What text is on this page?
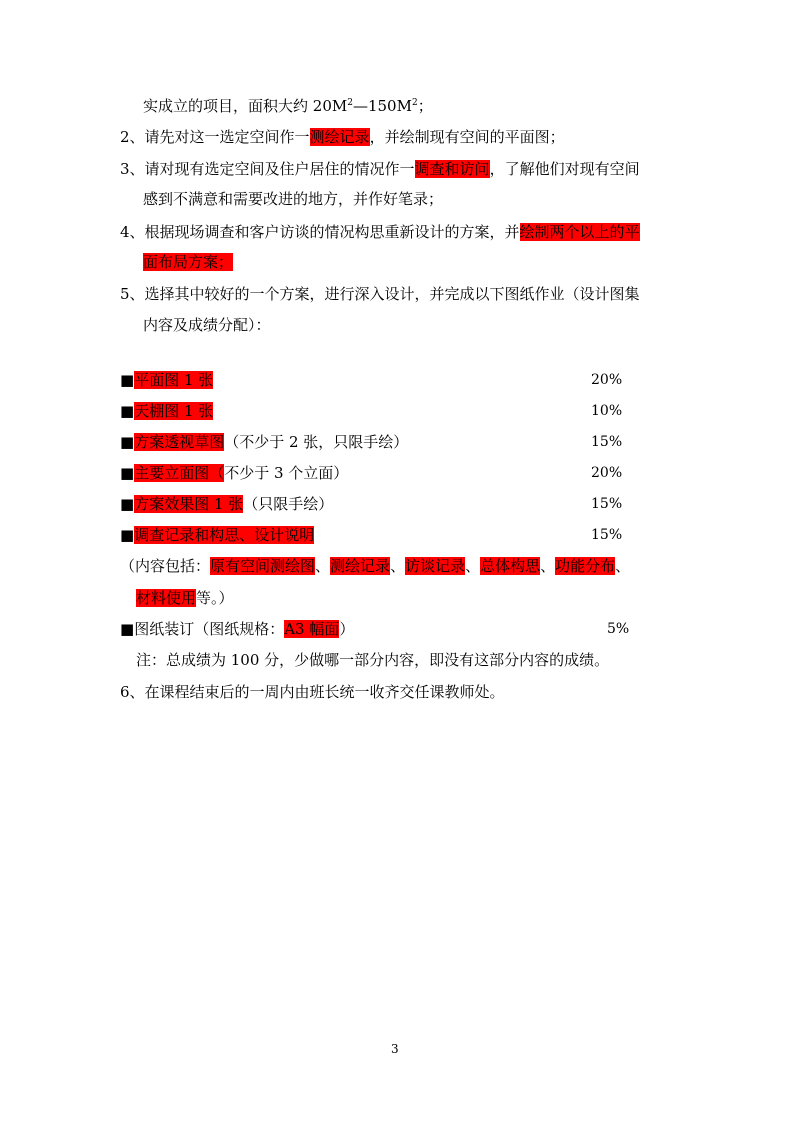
实成立的项目，面积大约 $20M^2—150M^2$；
2、请先对这一选定空间作一测绘记录，并绘制现有空间的平面图；
3、请对现有选定空间及住户居住的情况作一调查和访问，了解他们对现有空间
感到不满意和需要改进的地方，并作好笔录；
4、根据现场调查和客户访谈的情况构思重新设计的方案，并绘制两个以上的平
面布局方案；
5、选择其中较好的一个方案，进行深入设计，并完成以下图纸作业（设计图集
内容及成绩分配）：
■平面图 1 张	20%
■天棚图 1 张	10%
■方案透视草图（不少于 2 张，只限手绘）	15%
■主要立面图（不少于 3 个立面）	20%
■方案效果图 1 张（只限手绘）	15%
■调查记录和构思、设计说明	15%
（内容包括：原有空间测绘图、测绘记录、访谈记录、总体构思、功能分布、
材料使用等。）
■图纸装订（图纸规格：A3 幅面）	5%
注：总成绩为 100 分，少做哪一部分内容，即没有这部分内容的成绩。
6、在课程结束后的一周内由班长统一收齐交任课教师处。
3
